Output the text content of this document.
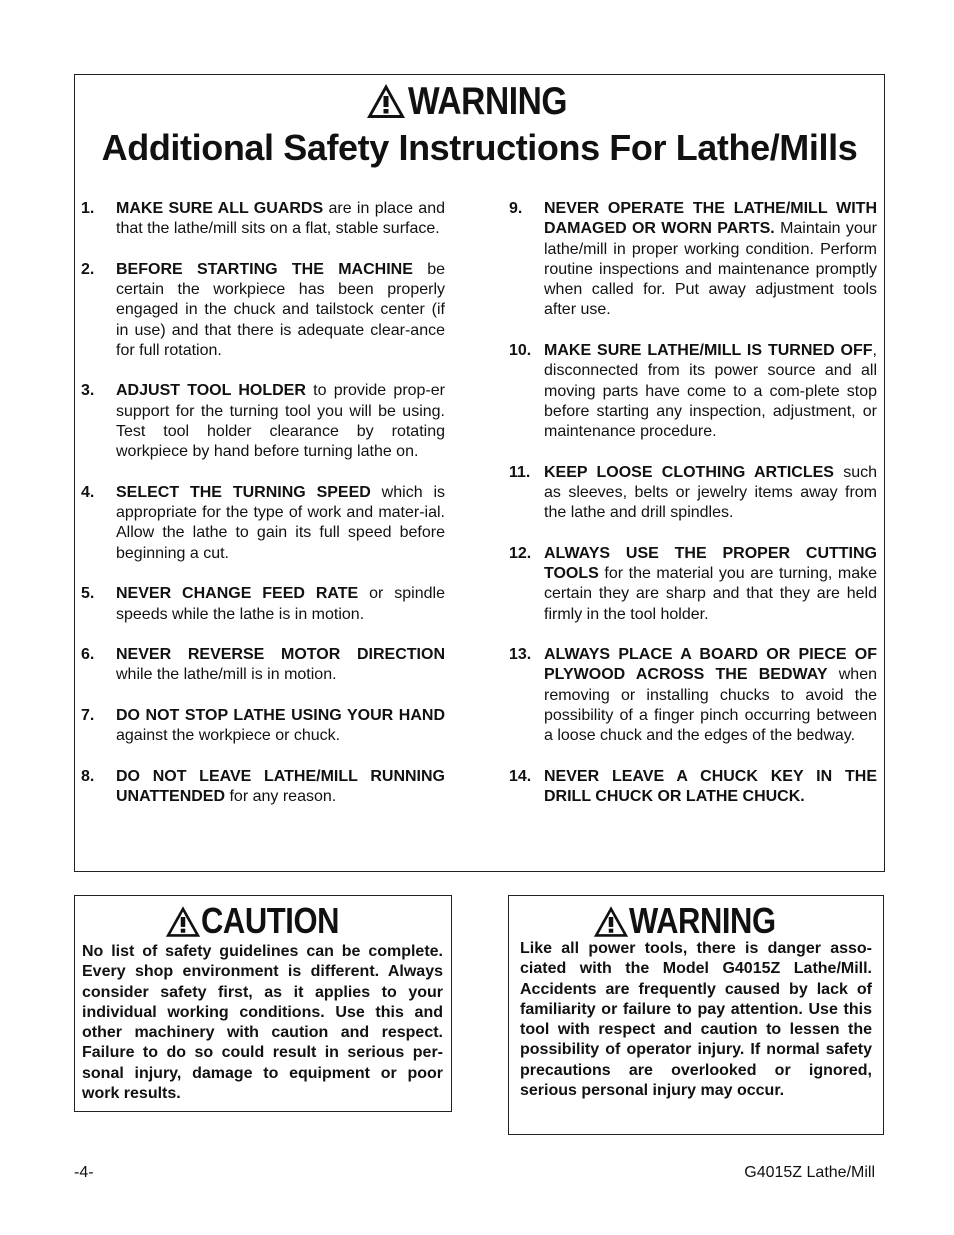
WARNING
Additional Safety Instructions For Lathe/Mills
1.	MAKE SURE ALL GUARDS are in place and that the lathe/mill sits on a flat, stable surface.
2.	BEFORE STARTING THE MACHINE be certain the workpiece has been properly engaged in the chuck and tailstock center (if in use) and that there is adequate clear-ance for full rotation.
3.	ADJUST TOOL HOLDER to provide prop-er support for the turning tool you will be using. Test tool holder clearance by rotating workpiece by hand before turning lathe on.
4.	SELECT THE TURNING SPEED which is appropriate for the type of work and mater-ial. Allow the lathe to gain its full speed before beginning a cut.
5.	NEVER CHANGE FEED RATE or spindle speeds while the lathe is in motion.
6.	NEVER REVERSE MOTOR DIRECTION while the lathe/mill is in motion.
7.	DO NOT STOP LATHE USING YOUR HAND against the workpiece or chuck.
8.	DO NOT LEAVE LATHE/MILL RUNNING UNATTENDED for any reason.
9.	NEVER OPERATE THE LATHE/MILL WITH DAMAGED OR WORN PARTS. Maintain your lathe/mill in proper working condition. Perform routine inspections and maintenance promptly when called for. Put away adjustment tools after use.
10. MAKE SURE LATHE/MILL IS TURNED OFF, disconnected from its power source and all moving parts have come to a com-plete stop before starting any inspection, adjustment, or maintenance procedure.
11. KEEP LOOSE CLOTHING ARTICLES such as sleeves, belts or jewelry items away from the lathe and drill spindles.
12. ALWAYS USE THE PROPER CUTTING TOOLS for the material you are turning, make certain they are sharp and that they are held firmly in the tool holder.
13. ALWAYS PLACE A BOARD OR PIECE OF PLYWOOD ACROSS THE BEDWAY when removing or installing chucks to avoid the possibility of a finger pinch occurring between a loose chuck and the edges of the bedway.
14. NEVER LEAVE A CHUCK KEY IN THE DRILL CHUCK OR LATHE CHUCK.
CAUTION
No list of safety guidelines can be complete. Every shop environment is different. Always consider safety first, as it applies to your individual working conditions. Use this and other machinery with caution and respect. Failure to do so could result in serious per-sonal injury, damage to equipment or poor work results.
WARNING
Like all power tools, there is danger asso-ciated with the Model G4015Z Lathe/Mill. Accidents are frequently caused by lack of familiarity or failure to pay attention. Use this tool with respect and caution to lessen the possibility of operator injury. If normal safety precautions are overlooked or ignored, serious personal injury may occur.
-4-	G4015Z Lathe/Mill
